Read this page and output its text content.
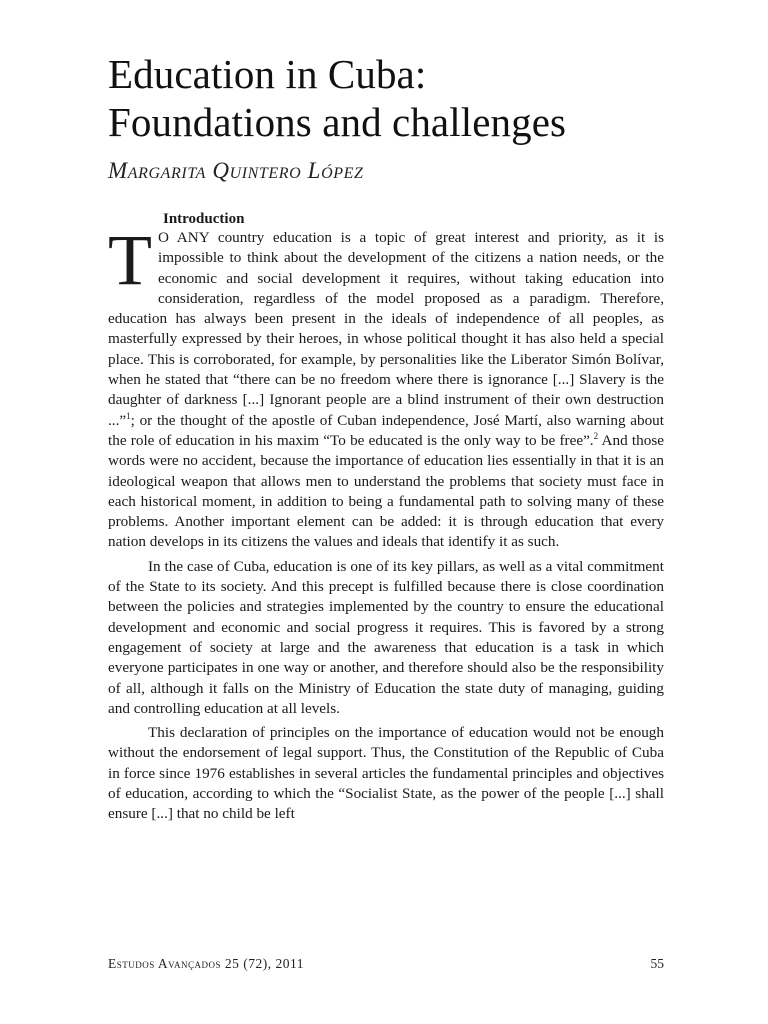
Education in Cuba:
Foundations and challenges
Margarita Quintero López
Introduction

T O ANY country education is a topic of great interest and priority, as it is impossible to think about the development of the citizens a nation needs, or the economic and social development it requires, without taking education into consideration, regardless of the model proposed as a paradigm. Therefore, education has always been present in the ideals of independence of all peoples, as masterfully expressed by their heroes, in whose political thought it has also held a special place. This is corroborated, for example, by personalities like the Liberator Simón Bolívar, when he stated that “there can be no freedom where there is ignorance [...] Slavery is the daughter of darkness [...] Ignorant people are a blind instrument of their own destruction ...”$^1$; or the thought of the apostle of Cuban independence, José Martí, also warning about the role of education in his maxim “To be educated is the only way to be free”.$^2$ And those words were no accident, because the importance of education lies essentially in that it is an ideological weapon that allows men to understand the problems that society must face in each historical moment, in addition to being a fundamental path to solving many of these problems. Another important element can be added: it is through education that every nation develops in its citizens the values and ideals that identify it as such.

In the case of Cuba, education is one of its key pillars, as well as a vital commitment of the State to its society. And this precept is fulfilled because there is close coordination between the policies and strategies implemented by the country to ensure the educational development and economic and social progress it requires. This is favored by a strong engagement of society at large and the awareness that education is a task in which everyone participates in one way or another, and therefore should also be the responsibility of all, although it falls on the Ministry of Education the state duty of managing, guiding and controlling education at all levels.

This declaration of principles on the importance of education would not be enough without the endorsement of legal support. Thus, the Constitution of the Republic of Cuba in force since 1976 establishes in several articles the fundamental principles and objectives of education, according to which the “Socialist State, as the power of the people [...] shall ensure [...] that no child be left

Estudos Avançados 25 (72), 2011	55
